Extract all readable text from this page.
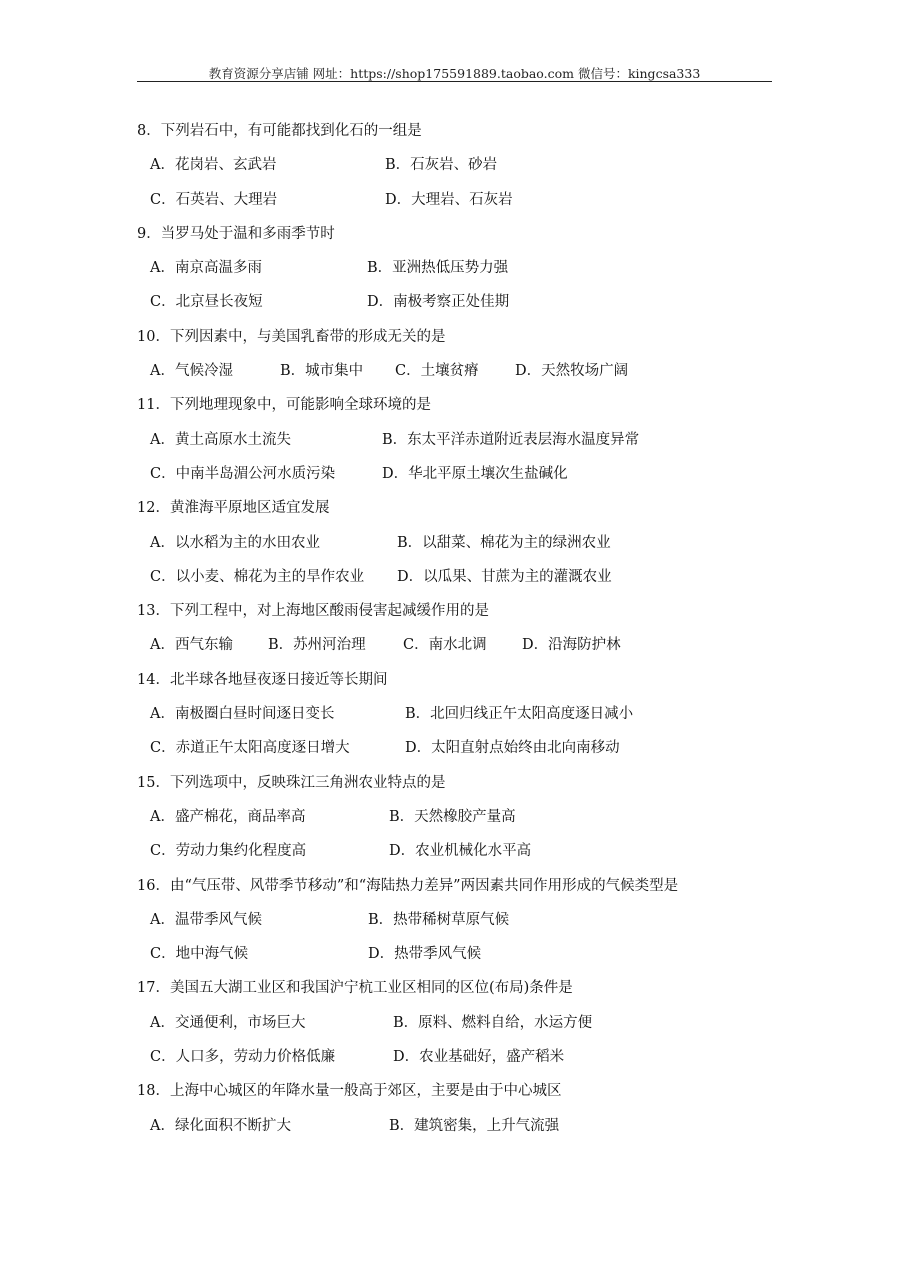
教育资源分享店铺 网址：https://shop175591889.taobao.com 微信号：kingcsa333
8．下列岩石中，有可能都找到化石的一组是
A．花岗岩、玄武岩	B．石灰岩、砂岩
C．石英岩、大理岩	D．大理岩、石灰岩
9．当罗马处于温和多雨季节时
A．南京高温多雨	B．亚洲热低压势力强
C．北京昼长夜短	D．南极考察正处佳期
10．下列因素中，与美国乳畜带的形成无关的是
A．气候冷湿	B．城市集中 C．土壤贫瘠	D．天然牧场广阔
11．下列地理现象中，可能影响全球环境的是
A．黄土高原水土流失	B．东太平洋赤道附近表层海水温度异常
C．中南半岛湄公河水质污染	D．华北平原土壤次生盐碱化
12．黄淮海平原地区适宜发展
A．以水稻为主的水田农业	B．以甜菜、棉花为主的绿洲农业
C．以小麦、棉花为主的旱作农业 D．以瓜果、甘蔗为主的灌溉农业
13．下列工程中，对上海地区酸雨侵害起减缓作用的是
A．西气东输 B．苏州河治理	C．南水北调 D．沿海防护林
14．北半球各地昼夜逐日接近等长期间
A．南极圈白昼时间逐日变长	B．北回归线正午太阳高度逐日减小
C．赤道正午太阳高度逐日增大	D．太阳直射点始终由北向南移动
15．下列选项中，反映珠江三角洲农业特点的是
A．盛产棉花，商品率高	B．天然橡胶产量高
C．劳动力集约化程度高	D．农业机械化水平高
16．由“气压带、风带季节移动”和“海陆热力差异”两因素共同作用形成的气候类型是
A．温带季风气候	B．热带稀树草原气候
C．地中海气候	D．热带季风气候
17．美国五大湖工业区和我国沪宁杭工业区相同的区位(布局)条件是
A．交通便利，市场巨大	B．原料、燃料自给，水运方便
C．人口多，劳动力价格低廉	D．农业基础好，盛产稻米
18．上海中心城区的年降水量一般高于郊区，主要是由于中心城区
A．绿化面积不断扩大	B．建筑密集，上升气流强
